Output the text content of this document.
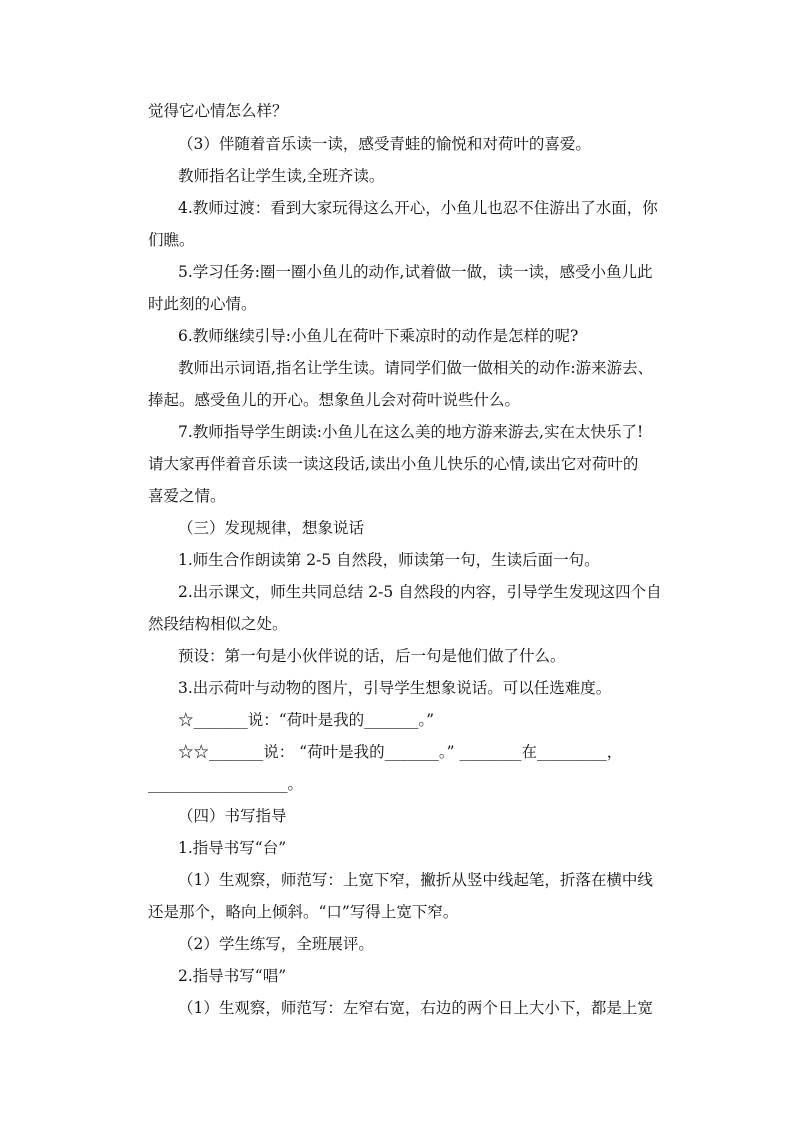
觉得它心情怎么样？
（3）伴随着音乐读一读，感受青蛙的愉悦和对荷叶的喜爱。
教师指名让学生读,全班齐读。
4.教师过渡：看到大家玩得这么开心，小鱼儿也忍不住游出了水面，你
们瞧。
5.学习任务:圈一圈小鱼儿的动作,试着做一做，读一读，感受小鱼儿此
时此刻的心情。
6.教师继续引导:小鱼儿在荷叶下乘凉时的动作是怎样的呢?
教师出示词语,指名让学生读。请同学们做一做相关的动作:游来游去、
捧起。感受鱼儿的开心。想象鱼儿会对荷叶说些什么。
7.教师指导学生朗读:小鱼儿在这么美的地方游来游去,实在太快乐了!
请大家再伴着音乐读一读这段话,读出小鱼儿快乐的心情,读出它对荷叶的
喜爱之情。
（三）发现规律，想象说话
1.师生合作朗读第 2-5 自然段，师读第一句，生读后面一句。
2.出示课文，师生共同总结 2-5 自然段的内容，引导学生发现这四个自
然段结构相似之处。
预设：第一句是小伙伴说的话，后一句是他们做了什么。
3.出示荷叶与动物的图片，引导学生想象说话。可以任选难度。
☆_______说：“荷叶是我的_______。”
☆☆_______说： “荷叶是我的_______。” ________在_________，
__________________。
（四）书写指导
1.指导书写“台”
（1）生观察，师范写：上宽下窄，撇折从竖中线起笔，折落在横中线
还是那个，略向上倾斜。“口”写得上宽下窄。
（2）学生练写，全班展评。
2.指导书写“唱”
（1）生观察，师范写：左窄右宽，右边的两个日上大小下，都是上宽
